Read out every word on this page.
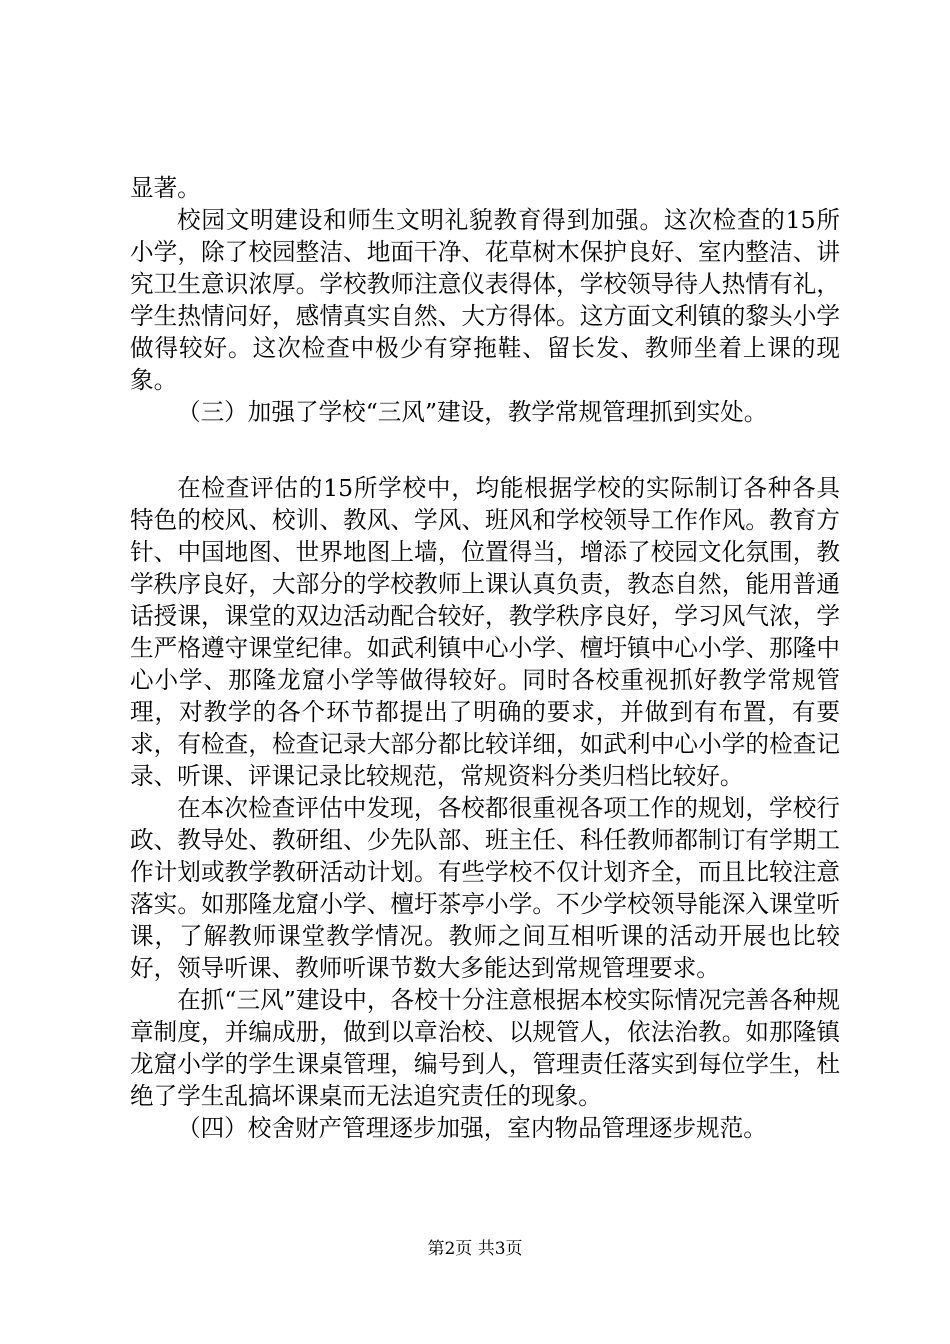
显著。

校园文明建设和师生文明礼貌教育得到加强。这次检查的15所小学，除了校园整洁、地面干净、花草树木保护良好、室内整洁、讲究卫生意识浓厚。学校教师注意仪表得体，学校领导待人热情有礼，学生热情问好，感情真实自然、大方得体。这方面文利镇的黎头小学做得较好。这次检查中极少有穿拖鞋、留长发、教师坐着上课的现象。

（三）加强了学校“三风”建设，教学常规管理抓到实处。

在检查评估的15所学校中，均能根据学校的实际制订各种各具特色的校风、校训、教风、学风、班风和学校领导工作作风。教育方针、中国地图、世界地图上墙，位置得当，增添了校园文化氛围，教学秩序良好，大部分的学校教师上课认真负责，教态自然，能用普通话授课，课堂的双边活动配合较好，教学秩序良好，学习风气浓，学生严格遵守课堂纪律。如武利镇中心小学、檀圩镇中心小学、那隆中心小学、那隆龙窟小学等做得较好。同时各校重视抓好教学常规管理，对教学的各个环节都提出了明确的要求，并做到有布置，有要求，有检查，检查记录大部分都比较详细，如武利中心小学的检查记录、听课、评课记录比较规范，常规资料分类归档比较好。

在本次检查评估中发现，各校都很重视各项工作的规划，学校行政、教导处、教研组、少先队部、班主任、科任教师都制订有学期工作计划或教学教研活动计划。有些学校不仅计划齐全，而且比较注意落实。如那隆龙窟小学、檀圩茶亭小学。不少学校领导能深入课堂听课，了解教师课堂教学情况。教师之间互相听课的活动开展也比较好，领导听课、教师听课节数大多能达到常规管理要求。

在抓“三风”建设中，各校十分注意根据本校实际情况完善各种规章制度，并编成册，做到以章治校、以规管人，依法治教。如那隆镇龙窟小学的学生课桌管理，编号到人，管理责任落实到每位学生，杜绝了学生乱搞坏课桌而无法追究责任的现象。

（四）校舍财产管理逐步加强，室内物品管理逐步规范。

第2页 共3页
